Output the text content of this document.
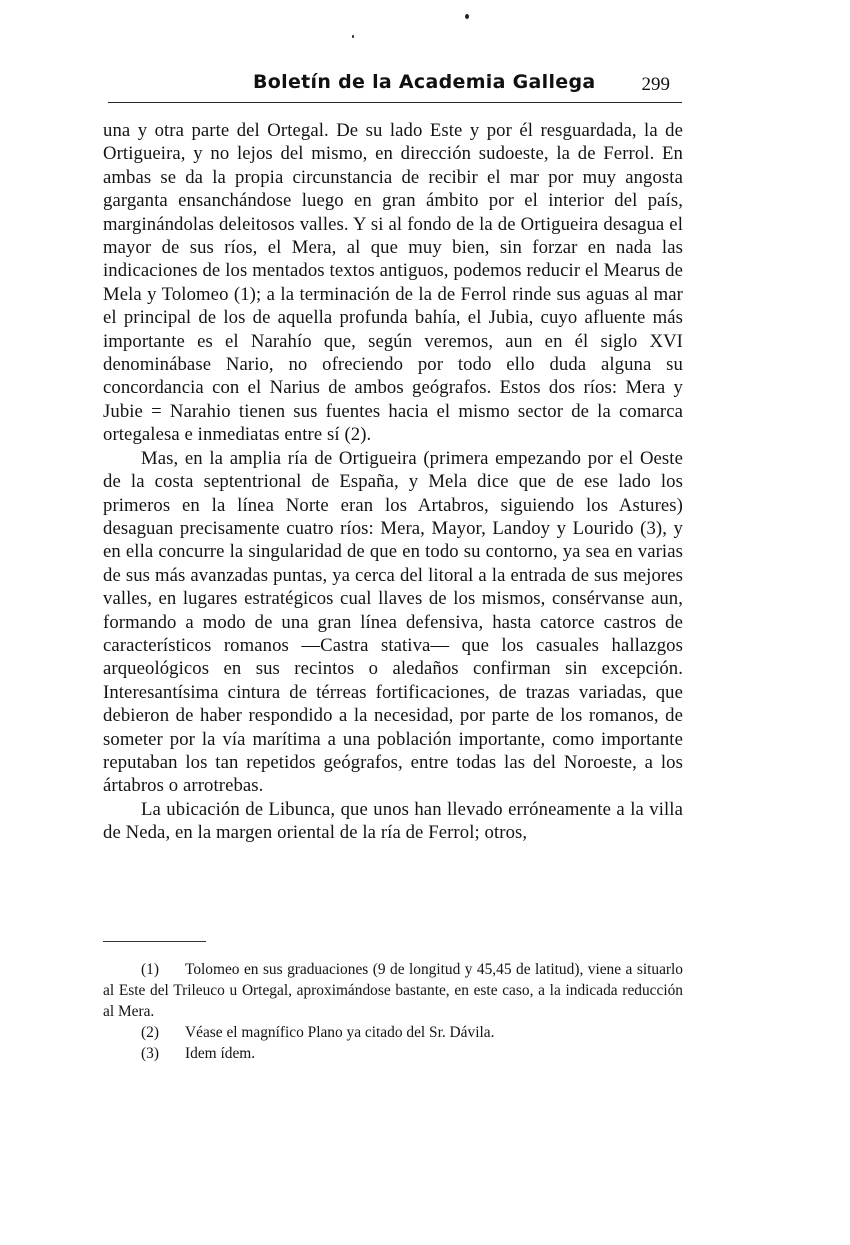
Boletín de la Academia Gallega 299

una y otra parte del Ortegal. De su lado Este y por él resguardada, la de Ortigueira, y no lejos del mismo, en dirección sudoeste, la de Ferrol. En ambas se da la propia circunstancia de recibir el mar por muy angosta garganta ensanchándose luego en gran ámbito por el interior del país, marginándolas deleitosos valles. Y si al fondo de la de Ortigueira desagua el mayor de sus ríos, el Mera, al que muy bien, sin forzar en nada las indicaciones de los mentados textos antiguos, podemos reducir el Mearus de Mela y Tolomeo (1); a la terminación de la de Ferrol rinde sus aguas al mar el principal de los de aquella profunda bahía, el Jubia, cuyo afluente más importante es el Narahío que, según veremos, aun en él siglo XVI denominábase Nario, no ofreciendo por todo ello duda alguna su concordancia con el Narius de ambos geógrafos. Estos dos ríos: Mera y Jubie = Narahio tienen sus fuentes hacia el mismo sector de la comarca ortegalesa e inmediatas entre sí (2).

Mas, en la amplia ría de Ortigueira (primera empezando por el Oeste de la costa septentrional de España, y Mela dice que de ese lado los primeros en la línea Norte eran los Artabros, siguiendo los Astures) desaguan precisamente cuatro ríos: Mera, Mayor, Landoy y Lourido (3), y en ella concurre la singularidad de que en todo su contorno, ya sea en varias de sus más avanzadas puntas, ya cerca del litoral a la entrada de sus mejores valles, en lugares estratégicos cual llaves de los mismos, consérvanse aun, formando a modo de una gran línea defensiva, hasta catorce castros de característicos romanos —Castra stativa— que los casuales hallazgos arqueológicos en sus recintos o aledaños confirman sin excepción. Interesantísima cintura de térreas fortificaciones, de trazas variadas, que debieron de haber respondido a la necesidad, por parte de los romanos, de someter por la vía marítima a una población importante, como importante reputaban los tan repetidos geógrafos, entre todas las del Noroeste, a los ártabros o arrotrebas.

La ubicación de Libunca, que unos han llevado erróneamente a la villa de Neda, en la margen oriental de la ría de Ferrol; otros,

(1) Tolomeo en sus graduaciones (9 de longitud y 45,45 de latitud), viene a situarlo al Este del Trileuco u Ortegal, aproximándose bastante, en este caso, a la indicada reducción al Mera.

(2) Véase el magnífico Plano ya citado del Sr. Dávila.

(3) Idem ídem.
